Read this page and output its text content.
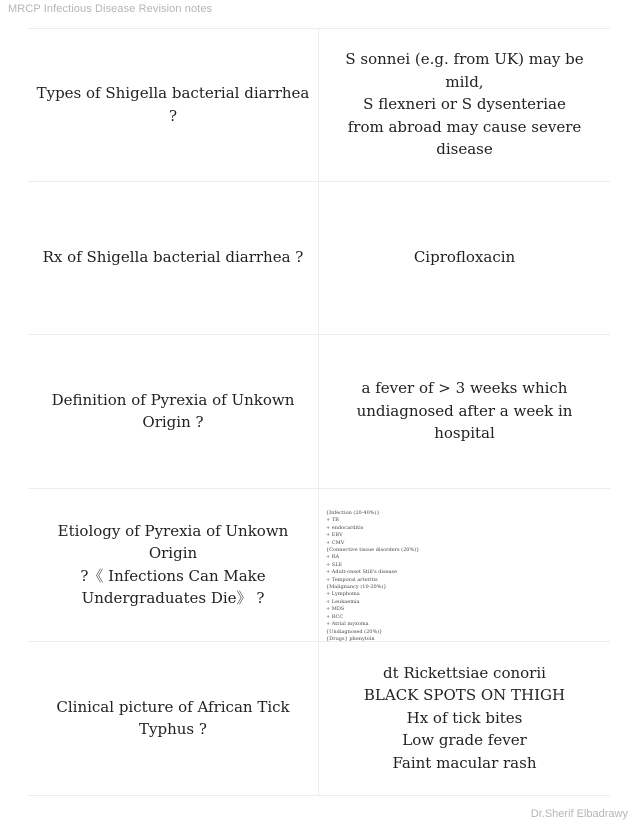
MRCP Infectious Disease Revision notes
Types of Shigella bacterial diarrhea ?
S sonnei (e.g. from UK) may be mild,
S flexneri or S dysenteriae
from abroad may cause severe
disease
Rx of Shigella bacterial diarrhea ?	Ciprofloxacin
Definition of Pyrexia of Unkown
Origin ?
a fever of > 3 weeks which
undiagnosed after a week in hospital
Etiology of Pyrexia of Unkown Origin
?《 Infections Can Make
Undergraduates Die》 ?
{Infection (20-40%)}
+ TB
+ endocarditis
+ EBV
+ CMV
{Connective tissue disorders (20%)}
+ RA
+ SLE
+ Adult-onset Still's disease
+ Temporal arteritis
{Malignancy (10-20%)}
+ Lymphoma
+ Leukaemia
+ MDS
+ RCC
+ Atrial myxoma
{Undiagnosed (20%)}
{Drugs} phenytoin
Clinical picture of African Tick
Typhus ?
dt Rickettsiae conorii
BLACK SPOTS ON THIGH
Hx of tick bites
Low grade fever
Faint macular rash
Dr.Sherif Elbadrawy
